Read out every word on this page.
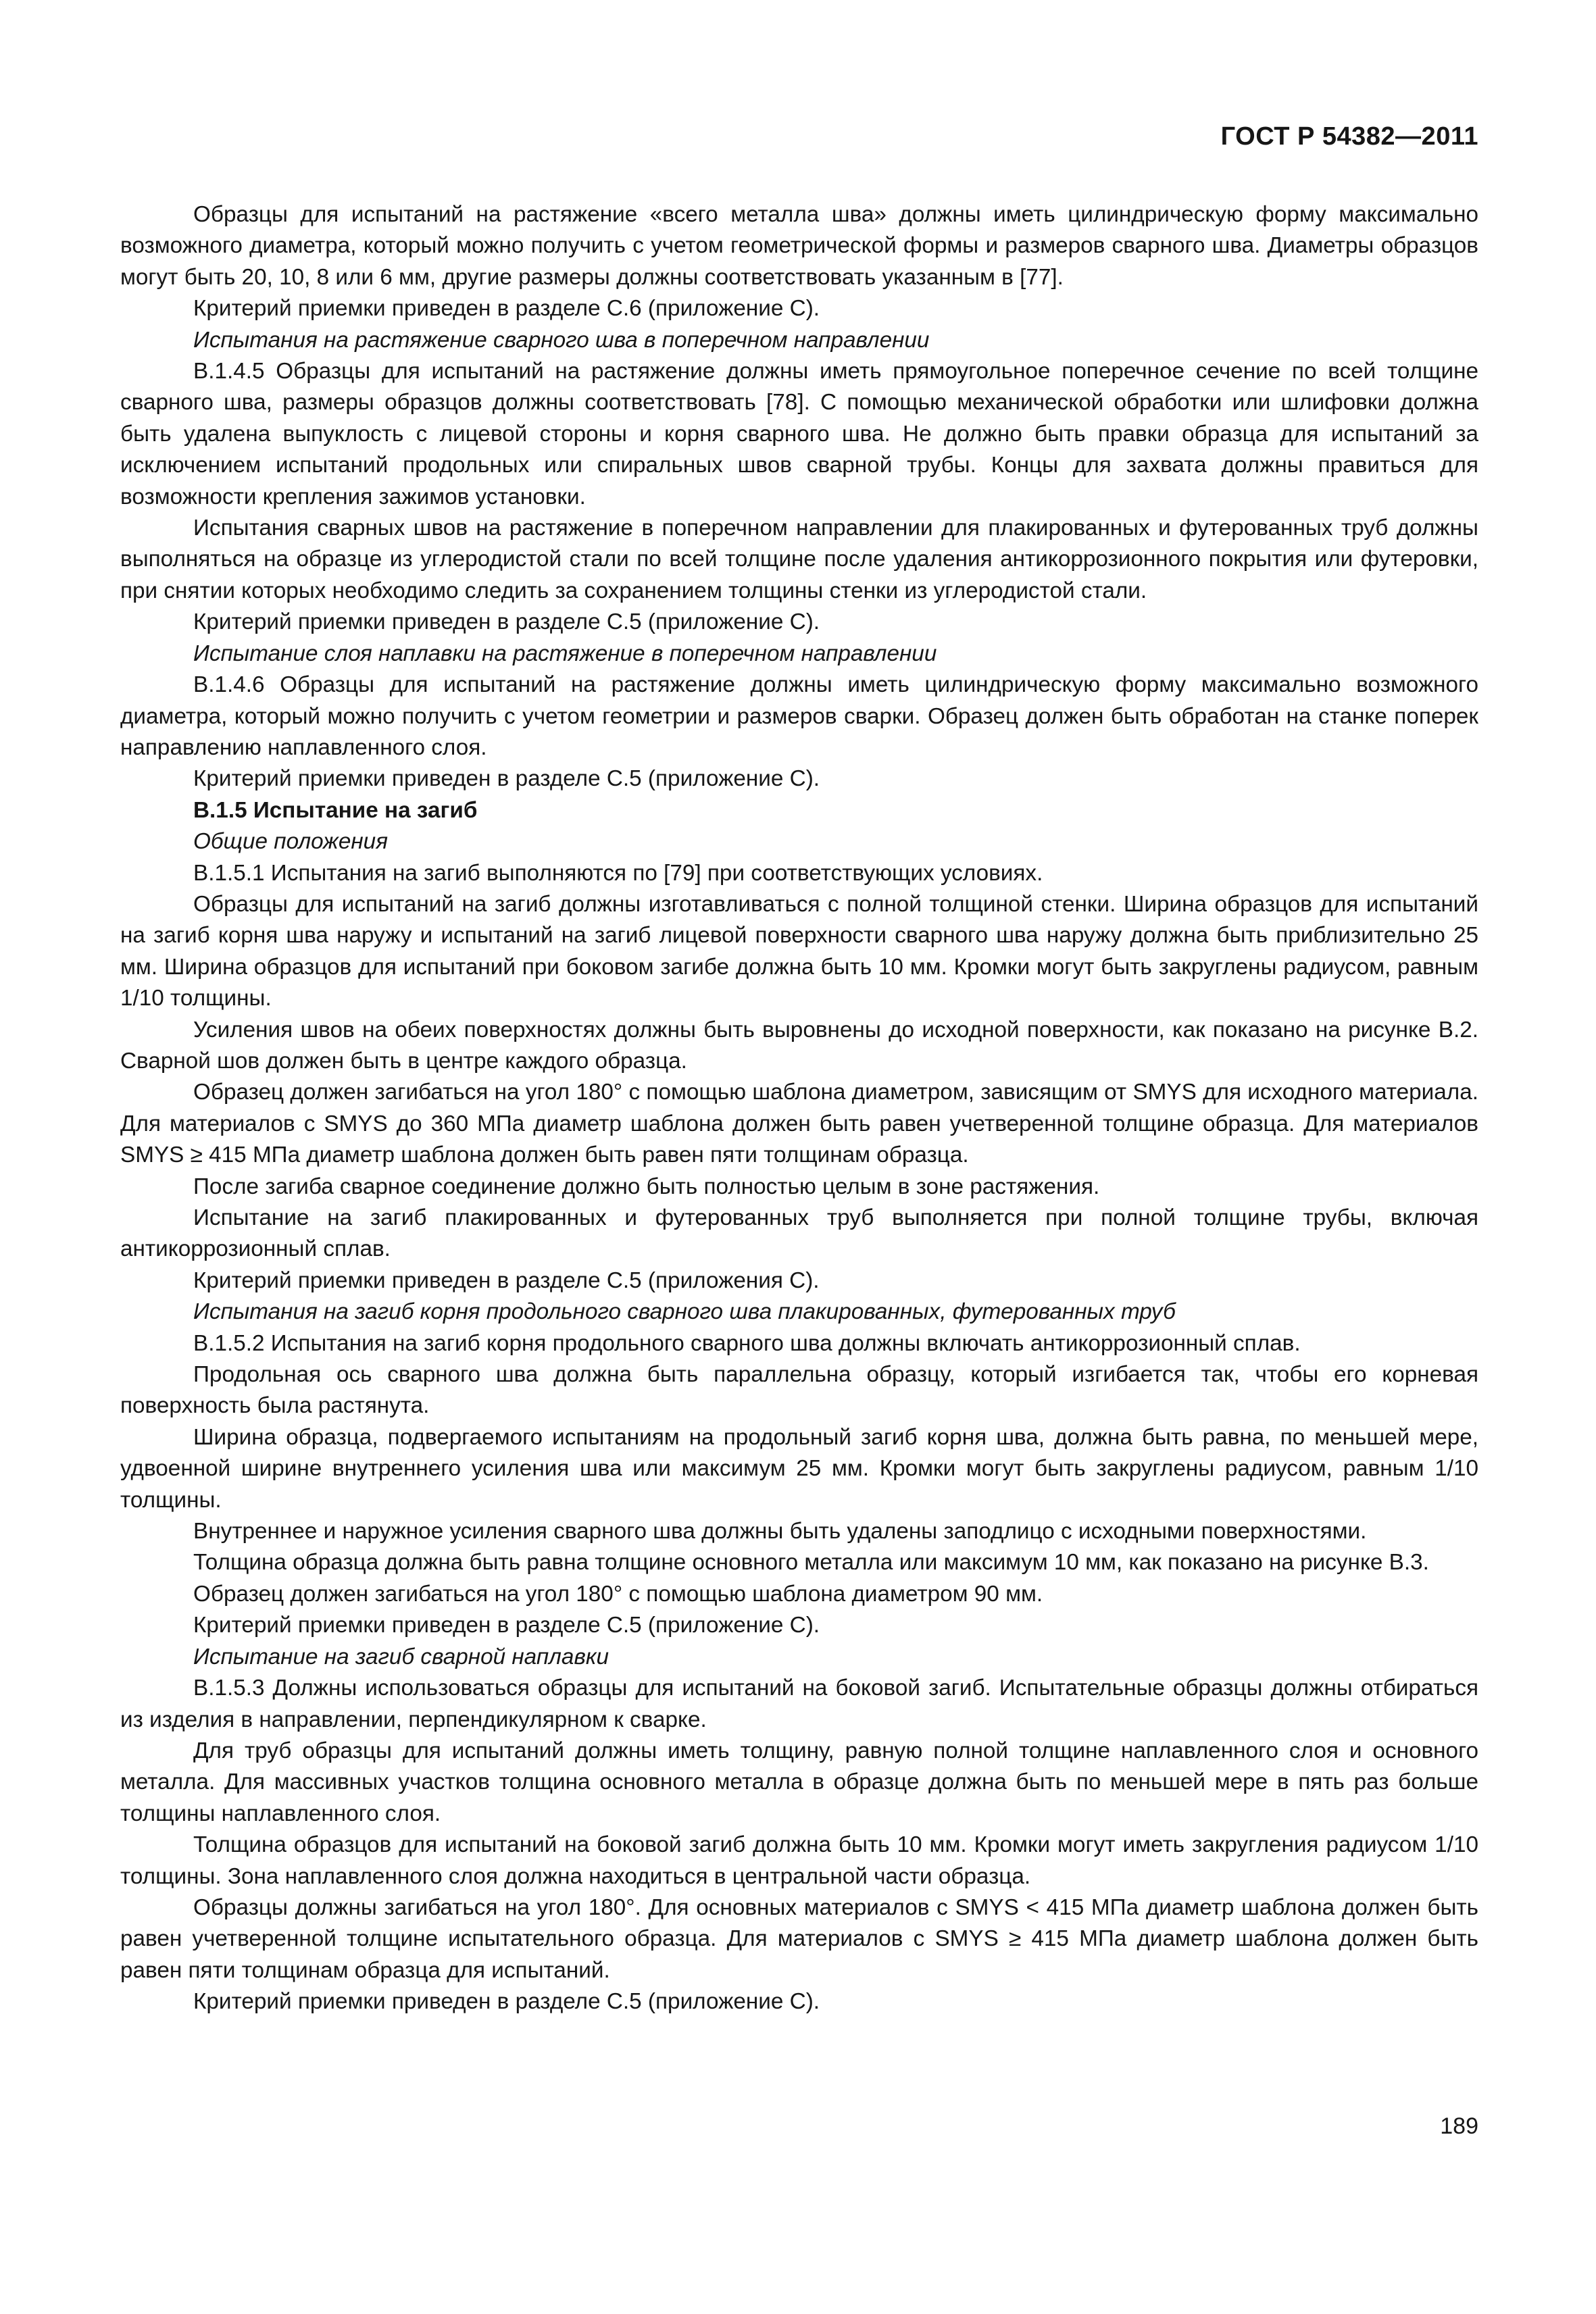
ГОСТ Р 54382—2011

Образцы для испытаний на растяжение «всего металла шва» должны иметь цилиндрическую форму максимально возможного диаметра, который можно получить с учетом геометрической формы и размеров сварного шва. Диаметры образцов могут быть 20, 10, 8 или 6 мм, другие размеры должны соответствовать указанным в [77].

Критерий приемки приведен в разделе С.6 (приложение С).

Испытания на растяжение сварного шва в поперечном направлении

В.1.4.5 Образцы для испытаний на растяжение должны иметь прямоугольное поперечное сечение по всей толщине сварного шва, размеры образцов должны соответствовать [78]. С помощью механической обработки или шлифовки должна быть удалена выпуклость с лицевой стороны и корня сварного шва. Не должно быть правки образца для испытаний за исключением испытаний продольных или спиральных швов сварной трубы. Концы для захвата должны правиться для возможности крепления зажимов установки.

Испытания сварных швов на растяжение в поперечном направлении для плакированных и футерованных труб должны выполняться на образце из углеродистой стали по всей толщине после удаления антикоррозионного покрытия или футеровки, при снятии которых необходимо следить за сохранением толщины стенки из углеродистой стали.

Критерий приемки приведен в разделе С.5 (приложение С).

Испытание слоя наплавки на растяжение в поперечном направлении

В.1.4.6 Образцы для испытаний на растяжение должны иметь цилиндрическую форму максимально возможного диаметра, который можно получить с учетом геометрии и размеров сварки. Образец должен быть обработан на станке поперек направлению наплавленного слоя.

Критерий приемки приведен в разделе С.5 (приложение С).

В.1.5 Испытание на загиб

Общие положения

В.1.5.1 Испытания на загиб выполняются по [79] при соответствующих условиях.

Образцы для испытаний на загиб должны изготавливаться с полной толщиной стенки. Ширина образцов для испытаний на загиб корня шва наружу и испытаний на загиб лицевой поверхности сварного шва наружу должна быть приблизительно 25 мм. Ширина образцов для испытаний при боковом загибе должна быть 10 мм. Кромки могут быть закруглены радиусом, равным 1/10 толщины.

Усиления швов на обеих поверхностях должны быть выровнены до исходной поверхности, как показано на рисунке В.2. Сварной шов должен быть в центре каждого образца.

Образец должен загибаться на угол 180° с помощью шаблона диаметром, зависящим от SMYS для исходного материала. Для материалов с SMYS до 360 МПа диаметр шаблона должен быть равен учетверенной толщине образца. Для материалов SMYS ≥ 415 МПа диаметр шаблона должен быть равен пяти толщинам образца.

После загиба сварное соединение должно быть полностью целым в зоне растяжения.

Испытание на загиб плакированных и футерованных труб выполняется при полной толщине трубы, включая антикоррозионный сплав.

Критерий приемки приведен в разделе С.5 (приложения С).

Испытания на загиб корня продольного сварного шва плакированных, футерованных труб

В.1.5.2 Испытания на загиб корня продольного сварного шва должны включать антикоррозионный сплав.

Продольная ось сварного шва должна быть параллельна образцу, который изгибается так, чтобы его корневая поверхность была растянута.

Ширина образца, подвергаемого испытаниям на продольный загиб корня шва, должна быть равна, по меньшей мере, удвоенной ширине внутреннего усиления шва или максимум 25 мм. Кромки могут быть закруглены радиусом, равным 1/10 толщины.

Внутреннее и наружное усиления сварного шва должны быть удалены заподлицо с исходными поверхностями.

Толщина образца должна быть равна толщине основного металла или максимум 10 мм, как показано на рисунке В.3.

Образец должен загибаться на угол 180° с помощью шаблона диаметром 90 мм.

Критерий приемки приведен в разделе С.5 (приложение С).

Испытание на загиб сварной наплавки

В.1.5.3 Должны использоваться образцы для испытаний на боковой загиб. Испытательные образцы должны отбираться из изделия в направлении, перпендикулярном к сварке.

Для труб образцы для испытаний должны иметь толщину, равную полной толщине наплавленного слоя и основного металла. Для массивных участков толщина основного металла в образце должна быть по меньшей мере в пять раз больше толщины наплавленного слоя.

Толщина образцов для испытаний на боковой загиб должна быть 10 мм. Кромки могут иметь закругления радиусом 1/10 толщины. Зона наплавленного слоя должна находиться в центральной части образца.

Образцы должны загибаться на угол 180°. Для основных материалов с SMYS < 415 МПа диаметр шаблона должен быть равен учетверенной толщине испытательного образца. Для материалов с SMYS ≥ 415 МПа диаметр шаблона должен быть равен пяти толщинам образца для испытаний.

Критерий приемки приведен в разделе С.5 (приложение С).

189
